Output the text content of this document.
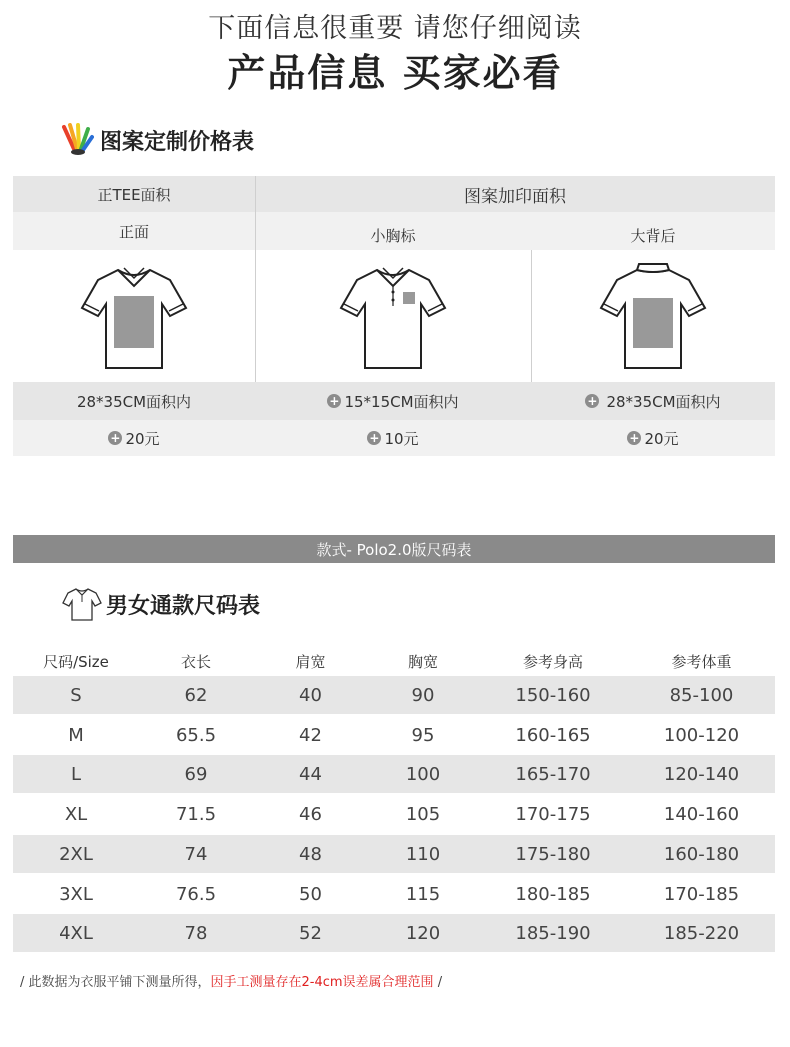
下面信息很重要 请您仔细阅读
产品信息 买家必看
图案定制价格表
正TEE面积	图案加印面积
正面	小胸标	大背后
28*35CM面积内	+ 15*15CM面积内	+ 28*35CM面积内
+ 20元	+ 10元	+ 20元
款式- Polo2.0版尺码表
男女通款尺码表
尺码/Size	衣长	肩宽	胸宽	参考身高	参考体重
S	62	40	90	150-160	85-100
M	65.5	42	95	160-165	100-120
L	69	44	100	165-170	120-140
XL	71.5	46	105	170-175	140-160
2XL	74	48	110	175-180	160-180
3XL	76.5	50	115	180-185	170-185
4XL	78	52	120	185-190	185-220
/ 此数据为衣服平铺下测量所得，因手工测量存在2-4cm误差属合理范围 /
